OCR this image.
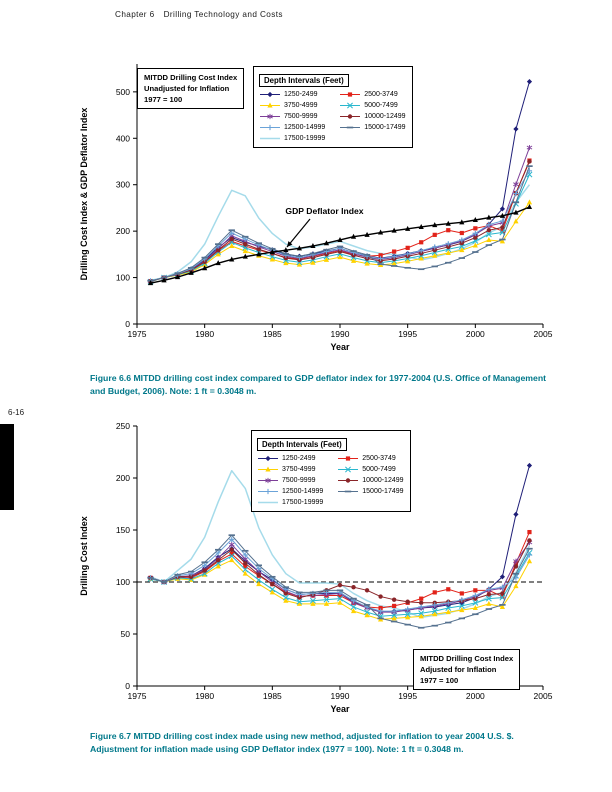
Chapter 6 Drilling Technology and Costs
6-16
0
100
200
300
400
500
1975	1980	1985	1990	1995	2000	2005
Year
Drilling Cost Index & GDP Deflator Index
MITDD Drilling Cost Index
Unadjusted for Inflation
1977 = 100
Depth Intervals (Feet)
1250-2499	2500-3749
3750-4999	5000-7499
7500-9999	10000-12499
12500-14999	15000-17499
17500-19999
GDP Deflator Index

Figure 6.6 MITDD drilling cost index compared to GDP deflator index for 1977-2004 (U.S. Office of Management and Budget, 2006). Note: 1 ft = 0.3048 m.

0
50
100
150
200
250
1975	1980	1985	1990	1995	2000	2005
Year
Drilling Cost Index
Depth Intervals (Feet)
1250-2499	2500-3749
3750-4999	5000-7499
7500-9999	10000-12499
12500-14999	15000-17499
17500-19999
MITDD Drilling Cost Index
Adjusted for Inflation
1977 = 100

Figure 6.7 MITDD drilling cost index made using new method, adjusted for inflation to year 2004 U.S. $. Adjustment for inflation made using GDP Deflator index (1977 = 100). Note: 1 ft = 0.3048 m.
